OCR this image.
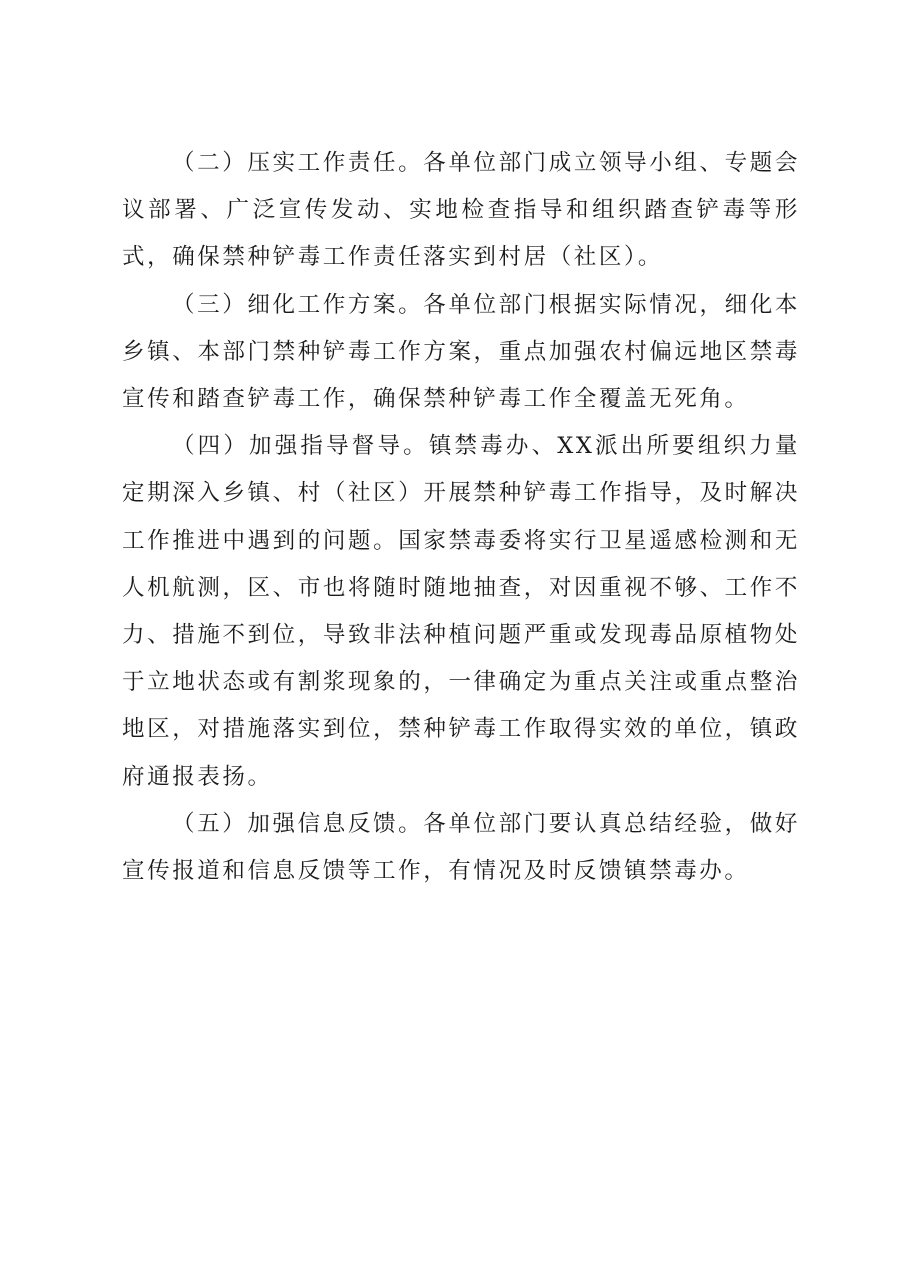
（二）压实工作责任。各单位部门成立领导小组、专题会议部署、广泛宣传发动、实地检查指导和组织踏查铲毒等形式，确保禁种铲毒工作责任落实到村居（社区）。

（三）细化工作方案。各单位部门根据实际情况，细化本乡镇、本部门禁种铲毒工作方案，重点加强农村偏远地区禁毒宣传和踏查铲毒工作，确保禁种铲毒工作全覆盖无死角。

（四）加强指导督导。镇禁毒办、XX派出所要组织力量定期深入乡镇、村（社区）开展禁种铲毒工作指导，及时解决工作推进中遇到的问题。国家禁毒委将实行卫星遥感检测和无人机航测，区、市也将随时随地抽查，对因重视不够、工作不力、措施不到位，导致非法种植问题严重或发现毒品原植物处于立地状态或有割浆现象的，一律确定为重点关注或重点整治地区，对措施落实到位，禁种铲毒工作取得实效的单位，镇政府通报表扬。

（五）加强信息反馈。各单位部门要认真总结经验，做好宣传报道和信息反馈等工作，有情况及时反馈镇禁毒办。
